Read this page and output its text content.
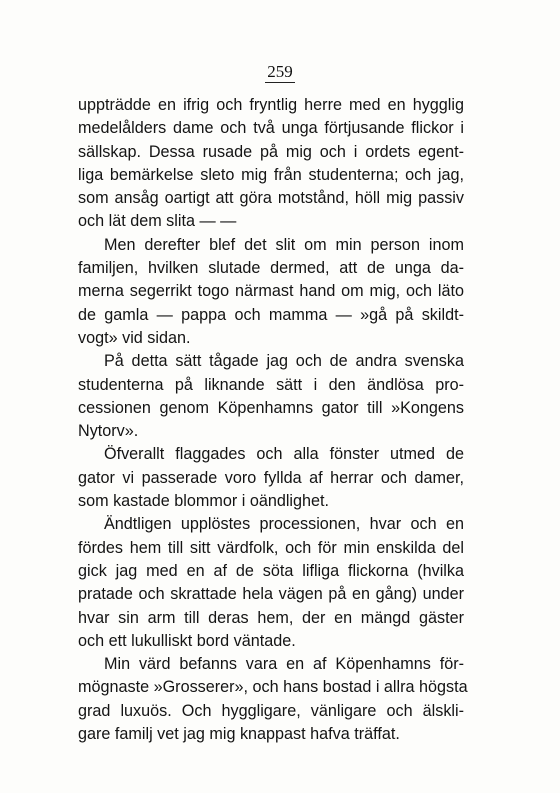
259
uppträdde en ifrig och fryntlig herre med en hygglig
medelålders dame och två unga förtjusande flickor i
sällskap. Dessa rusade på mig och i ordets egent-
liga bemärkelse sleto mig från studenterna; och jag,
som ansåg oartigt att göra motstånd, höll mig passiv
och lät dem slita — —
Men derefter blef det slit om min person inom
familjen, hvilken slutade dermed, att de unga da-
merna segerrikt togo närmast hand om mig, och läto
de gamla — pappa och mamma — »gå på skildt-
vogt» vid sidan.
På detta sätt tågade jag och de andra svenska
studenterna på liknande sätt i den ändlösa pro-
cessionen genom Köpenhamns gator till »Kongens
Nytorv».
Öfverallt flaggades och alla fönster utmed de
gator vi passerade voro fyllda af herrar och damer,
som kastade blommor i oändlighet.
Ändtligen upplöstes processionen, hvar och en
fördes hem till sitt värdfolk, och för min enskilda del
gick jag med en af de söta lifliga flickorna (hvilka
pratade och skrattade hela vägen på en gång) under
hvar sin arm till deras hem, der en mängd gäster
och ett lukulliskt bord väntade.
Min värd befanns vara en af Köpenhamns för-
mögnaste »Grosserer», och hans bostad i allra högsta
grad luxuös. Och hyggligare, vänligare och älskli-
gare familj vet jag mig knappast hafva träffat.
